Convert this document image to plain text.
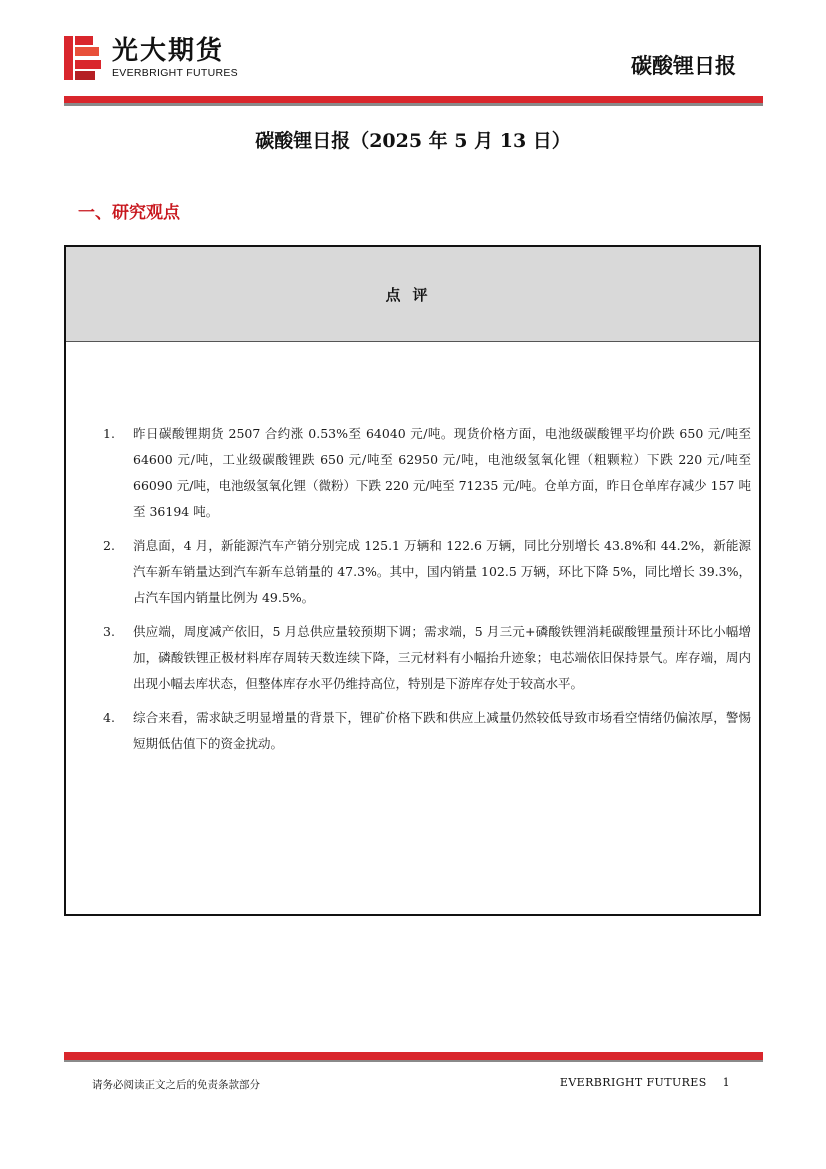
光大期货
EVERBRIGHT FUTURES	碳酸锂日报
碳酸锂日报（2025 年 5 月 13 日）
一、研究观点
点评
1. 昨日碳酸锂期货 2507 合约涨 0.53%至 64040 元/吨。现货价格方面，电池级碳酸锂平均价跌 650 元/吨至 64600 元/吨，工业级碳酸锂跌 650 元/吨至 62950 元/吨，电池级氢氧化锂（粗颗粒）下跌 220 元/吨至 66090 元/吨，电池级氢氧化锂（微粉）下跌 220 元/吨至 71235 元/吨。仓单方面，昨日仓单库存减少 157 吨至 36194 吨。
2. 消息面，4 月，新能源汽车产销分别完成 125.1 万辆和 122.6 万辆，同比分别增长 43.8%和 44.2%，新能源汽车新车销量达到汽车新车总销量的 47.3%。其中，国内销量 102.5 万辆，环比下降 5%，同比增长 39.3%，占汽车国内销量比例为 49.5%。
3. 供应端，周度减产依旧，5 月总供应量较预期下调；需求端，5 月三元+磷酸铁锂消耗碳酸锂量预计环比小幅增加，磷酸铁锂正极材料库存周转天数连续下降，三元材料有小幅抬升迹象；电芯端依旧保持景气。库存端，周内出现小幅去库状态，但整体库存水平仍维持高位，特别是下游库存处于较高水平。
4. 综合来看，需求缺乏明显增量的背景下，锂矿价格下跌和供应上减量仍然较低导致市场看空情绪仍偏浓厚，警惕短期低估值下的资金扰动。
请务必阅读正文之后的免责条款部分	EVERBRIGHT FUTURES 1
